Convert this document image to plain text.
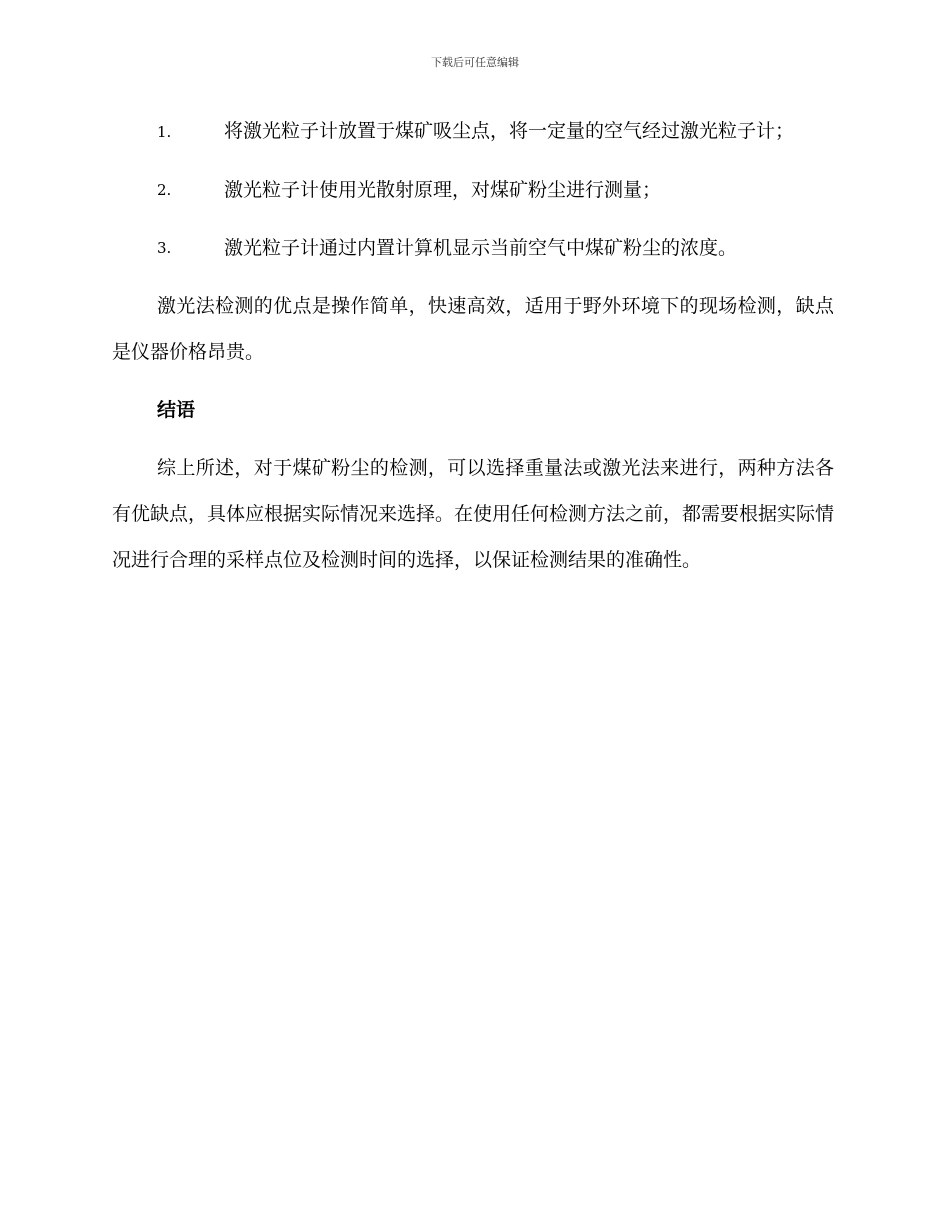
下载后可任意编辑
1.	将激光粒子计放置于煤矿吸尘点，将一定量的空气经过激光粒子计；
2.	激光粒子计使用光散射原理，对煤矿粉尘进行测量；
3.	激光粒子计通过内置计算机显示当前空气中煤矿粉尘的浓度。

激光法检测的优点是操作简单，快速高效，适用于野外环境下的现场检测，缺点是仪器价格昂贵。

结语

综上所述，对于煤矿粉尘的检测，可以选择重量法或激光法来进行，两种方法各有优缺点，具体应根据实际情况来选择。在使用任何检测方法之前，都需要根据实际情况进行合理的采样点位及检测时间的选择，以保证检测结果的准确性。
